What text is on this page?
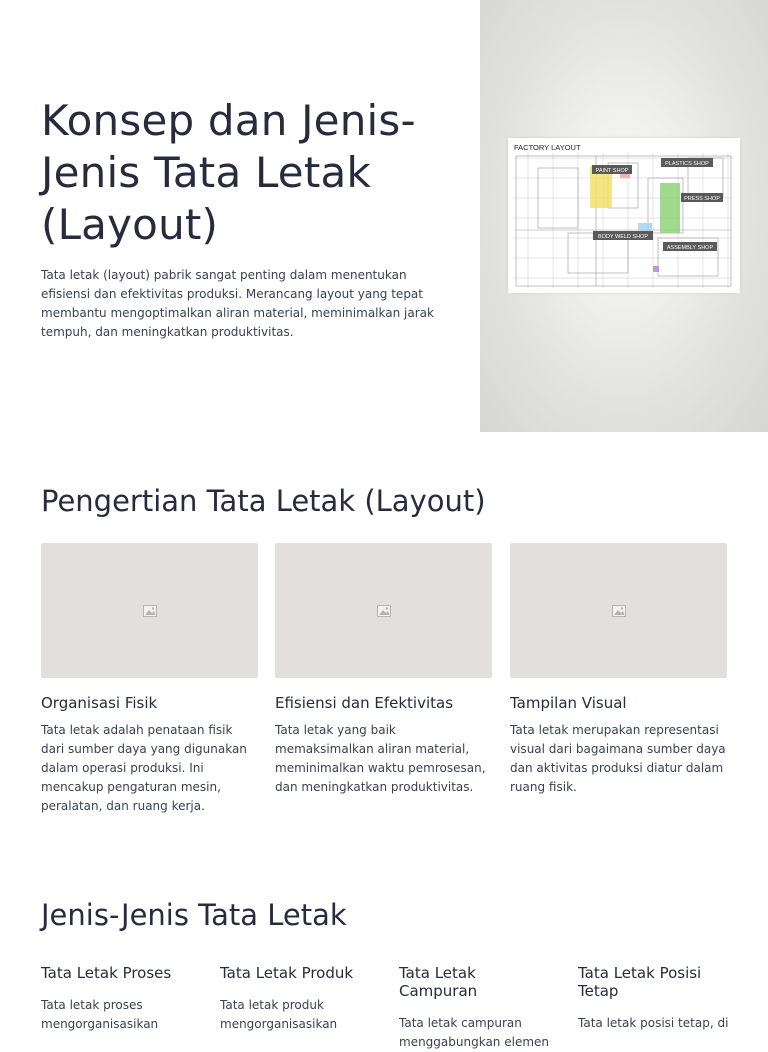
Konsep dan Jenis-Jenis Tata Letak (Layout)

Tata letak (layout) pabrik sangat penting dalam menentukan efisiensi dan efektivitas produksi. Merancang layout yang tepat membantu mengoptimalkan aliran material, meminimalkan jarak tempuh, dan meningkatkan produktivitas.

FACTORY LAYOUT
PAINT SHOP
PLASTICS SHOP
PRESS SHOP
BODY WELD SHOP
ASSEMBLY SHOP
Pengertian Tata Letak (Layout)
Organisasi Fisik
Tata letak adalah penataan fisik dari sumber daya yang digunakan dalam operasi produksi. Ini mencakup pengaturan mesin, peralatan, dan ruang kerja.
Efisiensi dan Efektivitas
Tata letak yang baik memaksimalkan aliran material, meminimalkan waktu pemrosesan, dan meningkatkan produktivitas.
Tampilan Visual
Tata letak merupakan representasi visual dari bagaimana sumber daya dan aktivitas produksi diatur dalam ruang fisik.
Jenis-Jenis Tata Letak
Tata Letak Proses
Tata letak proses mengorganisasikan
Tata Letak Produk
Tata letak produk mengorganisasikan
Tata Letak Campuran
Tata letak campuran menggabungkan elemen
Tata Letak Posisi Tetap
Tata letak posisi tetap, di
